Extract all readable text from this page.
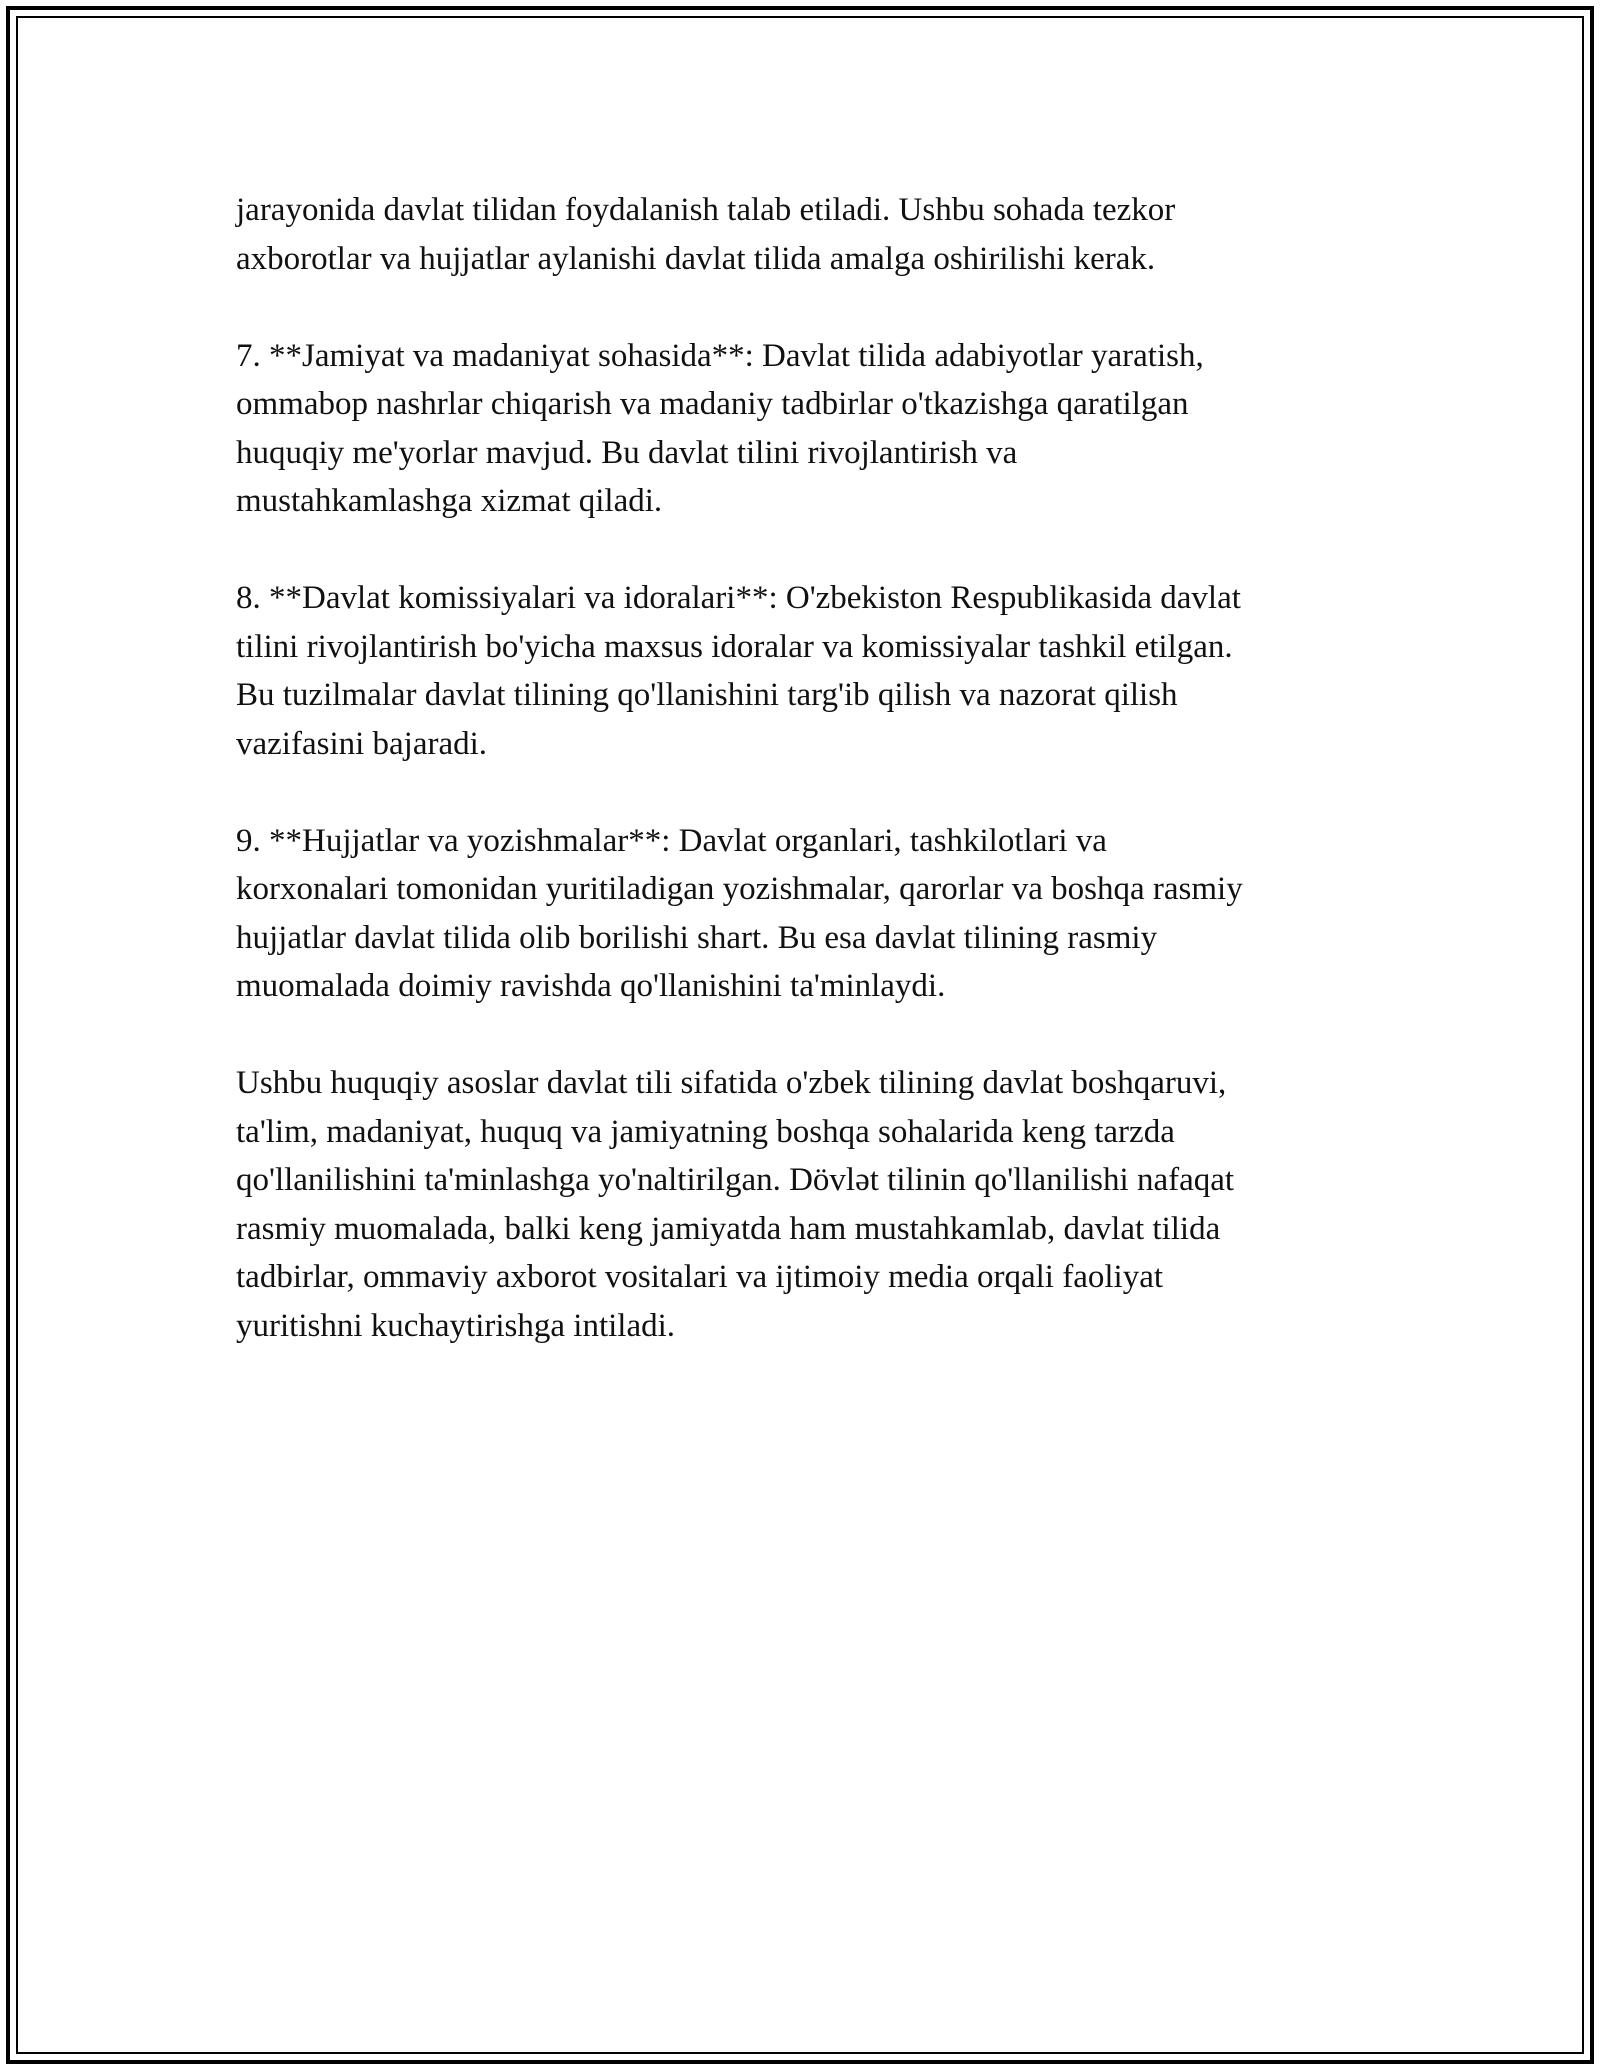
jarayonida davlat tilidan foydalanish talab etiladi. Ushbu sohada tezkor
axborotlar va hujjatlar aylanishi davlat tilida amalga oshirilishi kerak.

7. **Jamiyat va madaniyat sohasida**: Davlat tilida adabiyotlar yaratish,
ommabop nashrlar chiqarish va madaniy tadbirlar o'tkazishga qaratilgan
huquqiy me'yorlar mavjud. Bu davlat tilini rivojlantirish va
mustahkamlashga xizmat qiladi.

8. **Davlat komissiyalari va idoralari**: O'zbekiston Respublikasida davlat
tilini rivojlantirish bo'yicha maxsus idoralar va komissiyalar tashkil etilgan.
Bu tuzilmalar davlat tilining qo'llanishini targ'ib qilish va nazorat qilish
vazifasini bajaradi.

9. **Hujjatlar va yozishmalar**: Davlat organlari, tashkilotlari va
korxonalari tomonidan yuritiladigan yozishmalar, qarorlar va boshqa rasmiy
hujjatlar davlat tilida olib borilishi shart. Bu esa davlat tilining rasmiy
muomalada doimiy ravishda qo'llanishini ta'minlaydi.

Ushbu huquqiy asoslar davlat tili sifatida o'zbek tilining davlat boshqaruvi,
ta'lim, madaniyat, huquq va jamiyatning boshqa sohalarida keng tarzda
qo'llanilishini ta'minlashga yo'naltirilgan. Dövlət tilinin qo'llanilishi nafaqat
rasmiy muomalada, balki keng jamiyatda ham mustahkamlab, davlat tilida
tadbirlar, ommaviy axborot vositalari va ijtimoiy media orqali faoliyat
yuritishni kuchaytirishga intiladi.
